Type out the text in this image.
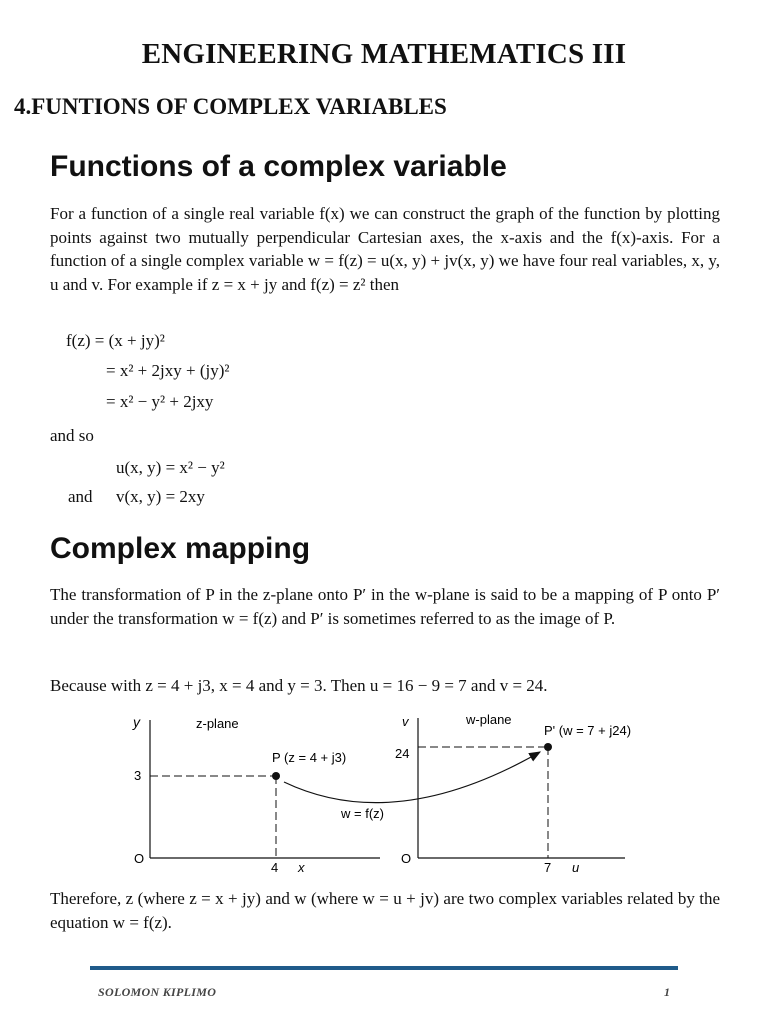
ENGINEERING MATHEMATICS III
4.FUNTIONS OF COMPLEX VARIABLES
Functions of a complex variable

For a function of a single real variable f(x) we can construct the graph of the function by plotting points against two mutually perpendicular Cartesian axes, the x-axis and the f(x)-axis. For a function of a single complex variable w = f(z) = u(x, y) + jv(x, y) we have four real variables, x, y, u and v. For example if z = x + jy and f(z) = z² then

f(z) = (x + jy)²
= x² + 2jxy + (jy)²
= x² − y² + 2jxy
and so
u(x, y) = x² − y²
and v(x, y) = 2xy
Complex mapping

The transformation of P in the z-plane onto P′ in the w-plane is said to be a mapping of P onto P′ under the transformation w = f(z) and P′ is sometimes referred to as the image of P.

Because with z = 4 + j3, x = 4 and y = 3. Then u = 16 − 9 = 7 and v = 24.
y	z-plane
O
3
4 x
P (z = 4 + j3)
v	w-plane
O
24
7 u
P' (w = 7 + j24)
w = f(z)

Therefore, z (where z = x + jy) and w (where w = u + jv) are two complex variables related by the equation w = f(z).

SOLOMON KIPLIMO	1
